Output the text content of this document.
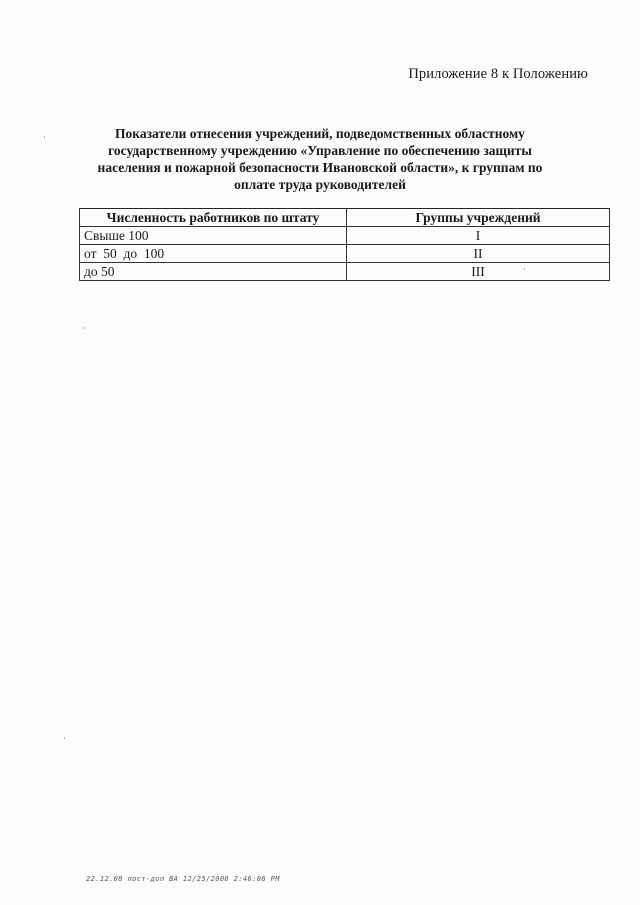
Приложение 8 к Положению
Показатели отнесения учреждений, подведомственных областному
государственному учреждению «Управление по обеспечению защиты
населения и пожарной безопасности Ивановской области», к группам по
оплате труда руководителей
Численность работников по штату	Группы учреждений
Свыше 100	I
от  50  до  100	II
до 50	III
22.12.08 пост-доп ВА 12/25/2008 2:46:06 PM
